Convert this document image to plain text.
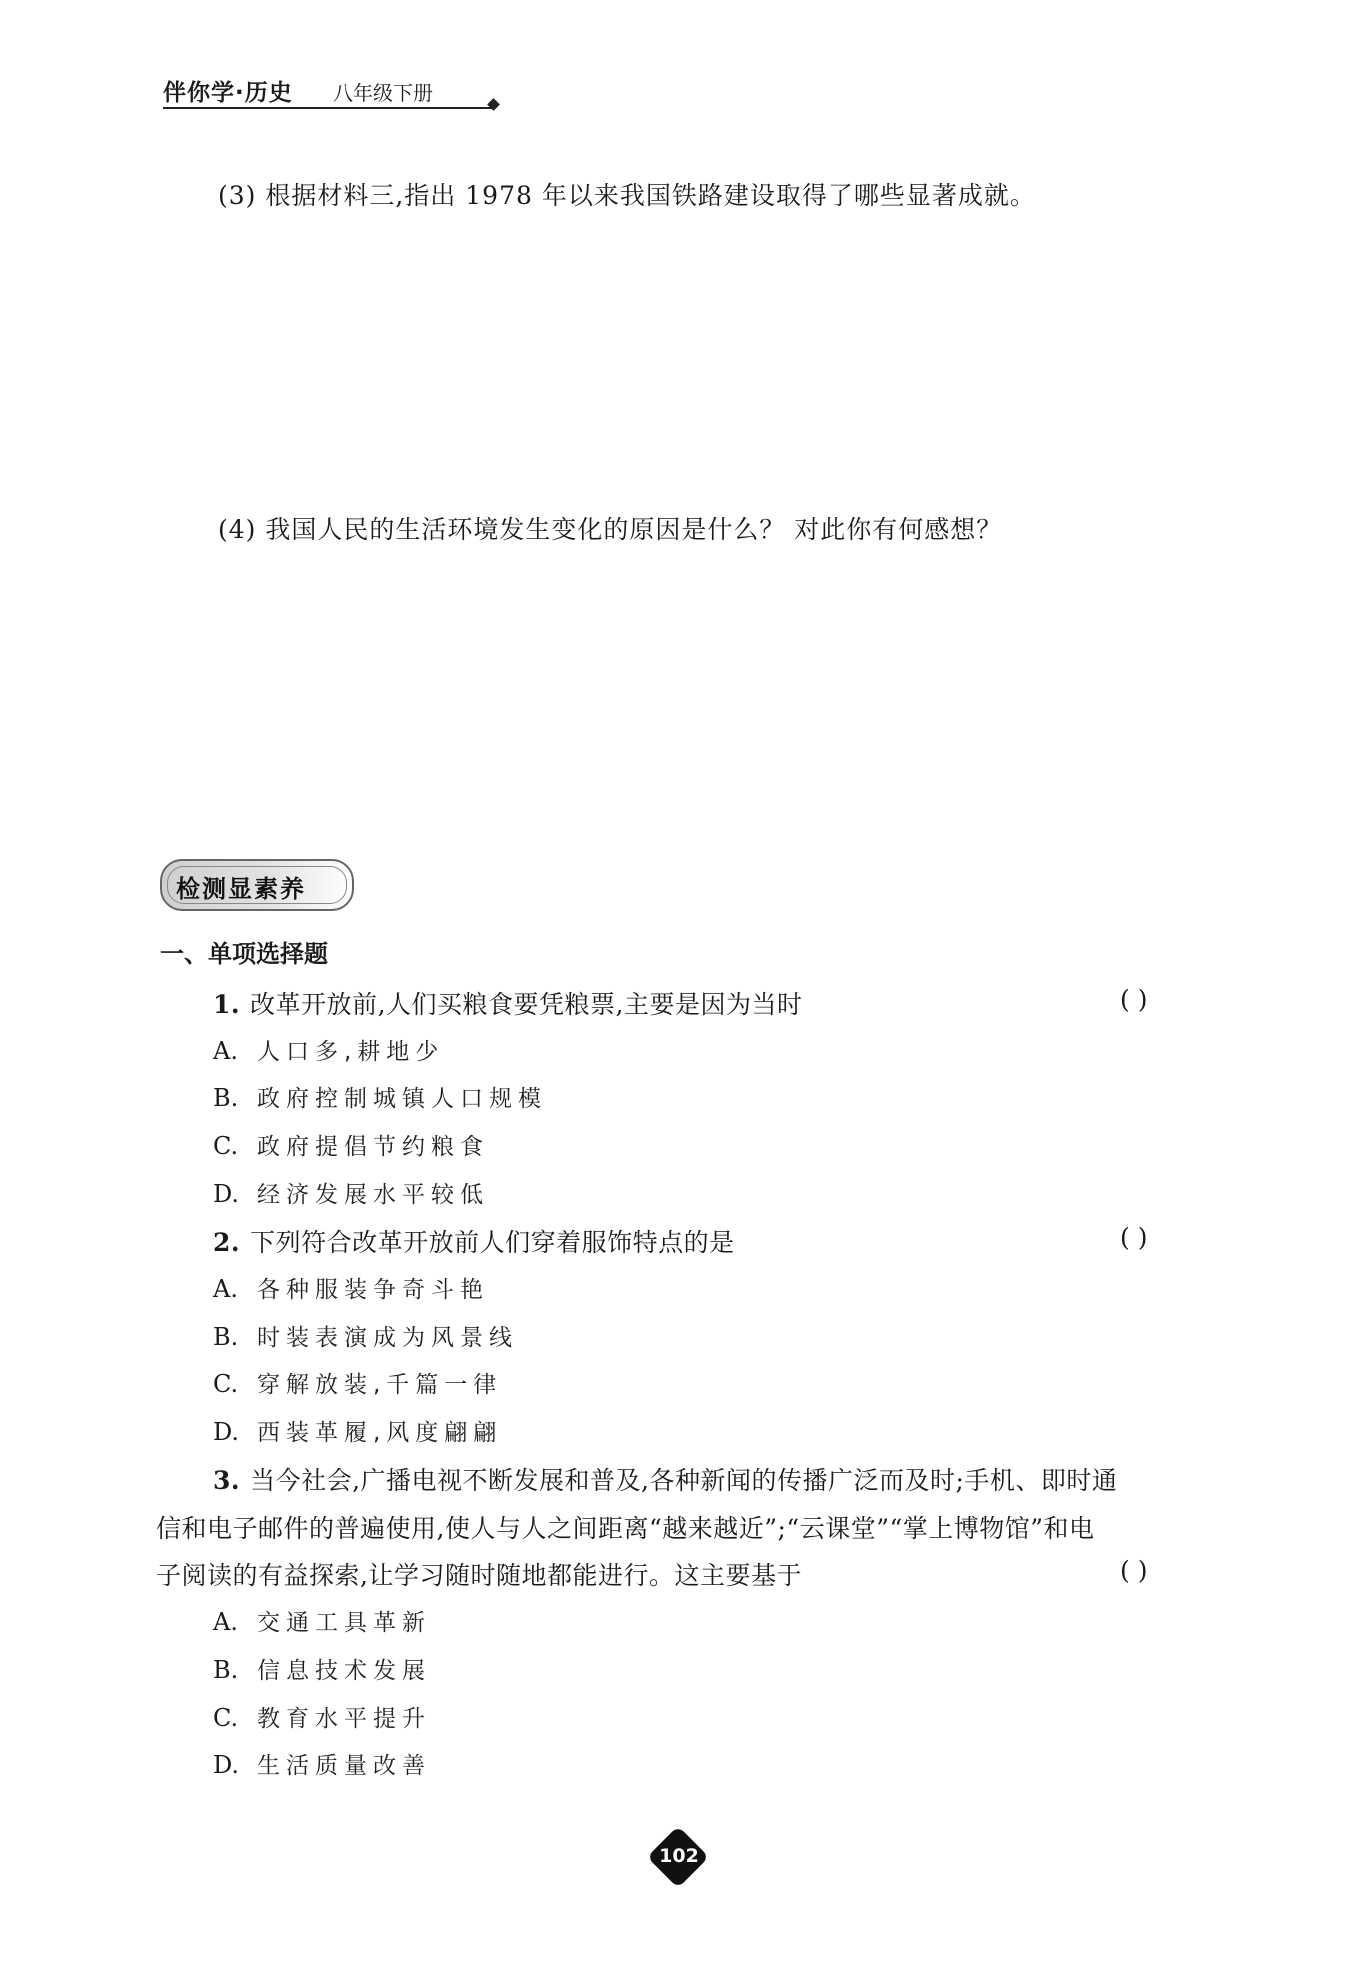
伴你学·历史 八年级下册
(3) 根据材料三,指出 1978 年以来我国铁路建设取得了哪些显著成就。
(4) 我国人民的生活环境发生变化的原因是什么？ 对此你有何感想？
检测显素养
一、单项选择题
1. 改革开放前,人们买粮食要凭粮票,主要是因为当时	( )
A. 人口多,耕地少
B. 政府控制城镇人口规模
C. 政府提倡节约粮食
D. 经济发展水平较低
2. 下列符合改革开放前人们穿着服饰特点的是	( )
A. 各种服装争奇斗艳
B. 时装表演成为风景线
C. 穿解放装,千篇一律
D. 西装革履,风度翩翩
3. 当今社会,广播电视不断发展和普及,各种新闻的传播广泛而及时;手机、即时通
信和电子邮件的普遍使用,使人与人之间距离“越来越近”;“云课堂”“掌上博物馆”和电
子阅读的有益探索,让学习随时随地都能进行。这主要基于	( )
A. 交通工具革新
B. 信息技术发展
C. 教育水平提升
D. 生活质量改善
102
